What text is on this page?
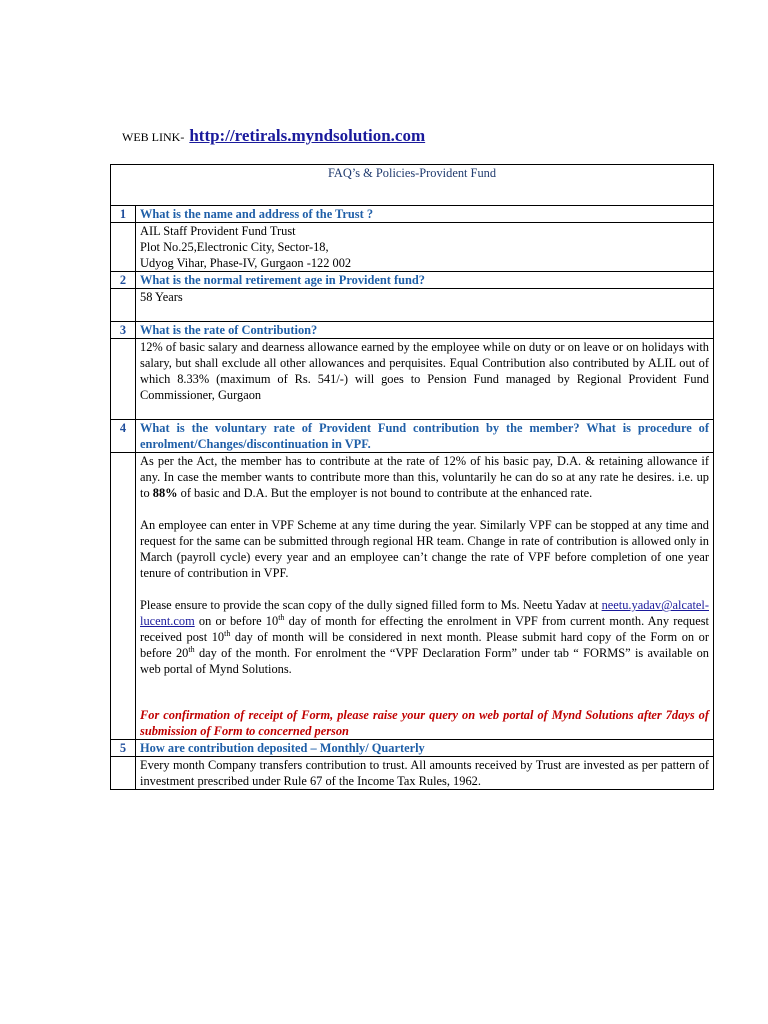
WEB LINK- http://retirals.myndsolution.com
FAQ’s & Policies-Provident Fund	
1	What is the name and address of the Trust ?

	AIL Staff Provident Fund Trust
Plot No.25,Electronic City, Sector-18,
Udyog Vihar, Phase-IV, Gurgaon -122 002

2	What is the normal retirement age in Provident fund?

	58 Years

3	What is the rate of Contribution?

	12% of basic salary and dearness allowance earned by the employee while on duty or on leave or on holidays with salary, but shall exclude all other allowances and perquisites. Equal Contribution also contributed by ALIL out of which 8.33% (maximum of Rs. 541/-) will goes to Pension Fund managed by Regional Provident Fund Commissioner, Gurgaon

4	What is the voluntary rate of Provident Fund contribution by the member? What is procedure of enrolment/Changes/discontinuation in VPF.

	As per the Act, the member has to contribute at the rate of 12% of his basic pay, D.A. & retaining allowance if any. In case the member wants to contribute more than this, voluntarily he can do so at any rate he desires. i.e. up to 88% of basic and D.A. But the employer is not bound to contribute at the enhanced rate.

An employee can enter in VPF Scheme at any time during the year. Similarly VPF can be stopped at any time and request for the same can be submitted through regional HR team. Change in rate of contribution is allowed only in March (payroll cycle) every year and an employee can’t change the rate of VPF before completion of one year tenure of contribution in VPF.

Please ensure to provide the scan copy of the dully signed filled form to Ms. Neetu Yadav at neetu.yadav@alcatel-lucent.com on or before 10th day of month for effecting the enrolment in VPF from current month. Any request received post 10th day of month will be considered in next month. Please submit hard copy of the Form on or before 20th day of the month. For enrolment the “VPF Declaration Form” under tab “ FORMS” is available on web portal of Mynd Solutions.

For confirmation of receipt of Form, please raise your query on web portal of Mynd Solutions after 7days of submission of Form to concerned person

5	How are contribution deposited – Monthly/ Quarterly

	Every month Company transfers contribution to trust. All amounts received by Trust are invested as per pattern of investment prescribed under Rule 67 of the Income Tax Rules, 1962.
